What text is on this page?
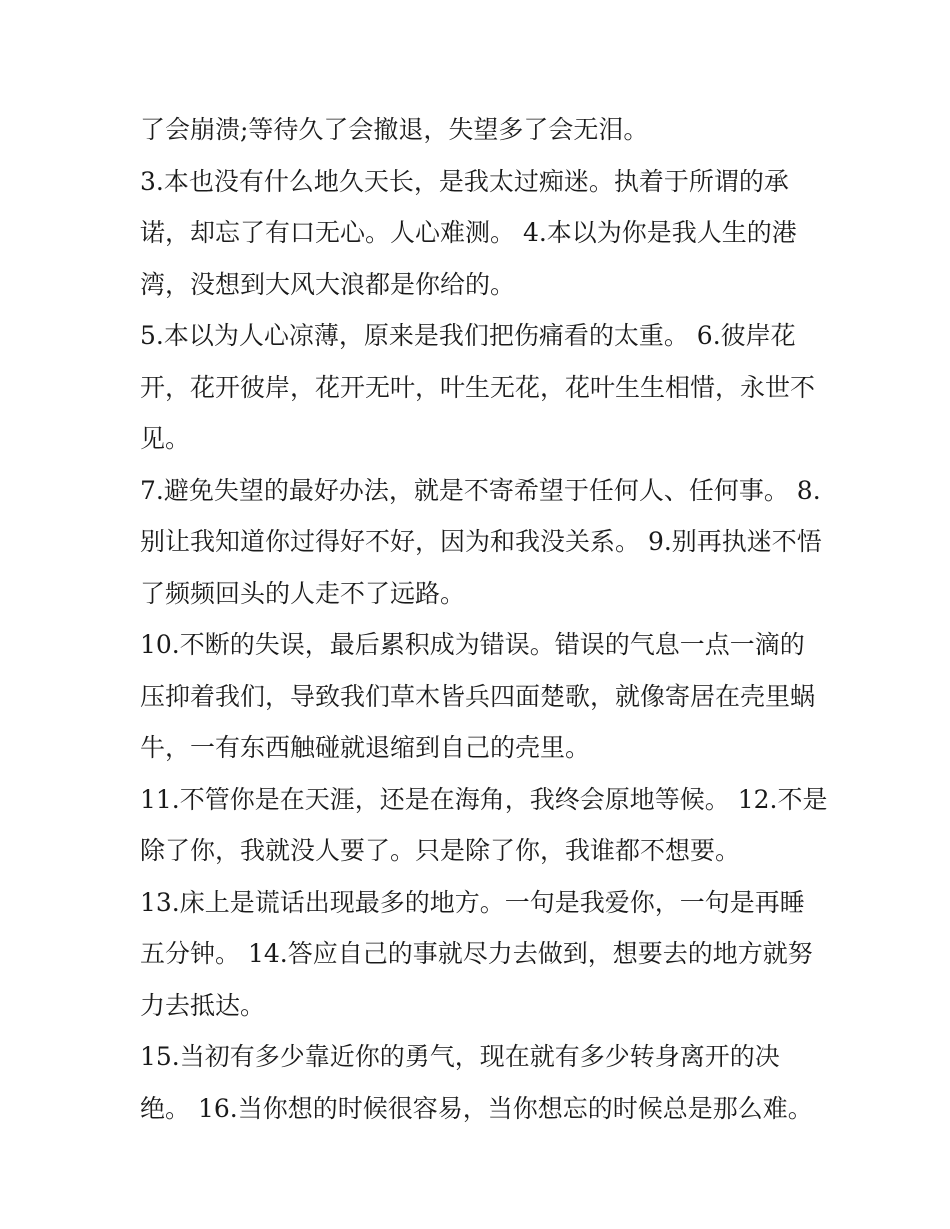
了会崩溃;等待久了会撤退，失望多了会无泪。
3.本也没有什么地久天长，是我太过痴迷。执着于所谓的承
诺，却忘了有口无心。人心难测。 4.本以为你是我人生的港
湾，没想到大风大浪都是你给的。
5.本以为人心凉薄，原来是我们把伤痛看的太重。 6.彼岸花
开，花开彼岸，花开无叶，叶生无花，花叶生生相惜，永世不
见。
7.避免失望的最好办法，就是不寄希望于任何人、任何事。 8.
别让我知道你过得好不好，因为和我没关系。 9.别再执迷不悟
了频频回头的人走不了远路。
10.不断的失误，最后累积成为错误。错误的气息一点一滴的
压抑着我们，导致我们草木皆兵四面楚歌，就像寄居在壳里蜗
牛，一有东西触碰就退缩到自己的壳里。
11.不管你是在天涯，还是在海角，我终会原地等候。 12.不是
除了你，我就没人要了。只是除了你，我谁都不想要。
13.床上是谎话出现最多的地方。一句是我爱你，一句是再睡
五分钟。 14.答应自己的事就尽力去做到，想要去的地方就努
力去抵达。
15.当初有多少靠近你的勇气，现在就有多少转身离开的决
绝。 16.当你想的时候很容易，当你想忘的时候总是那么难。
